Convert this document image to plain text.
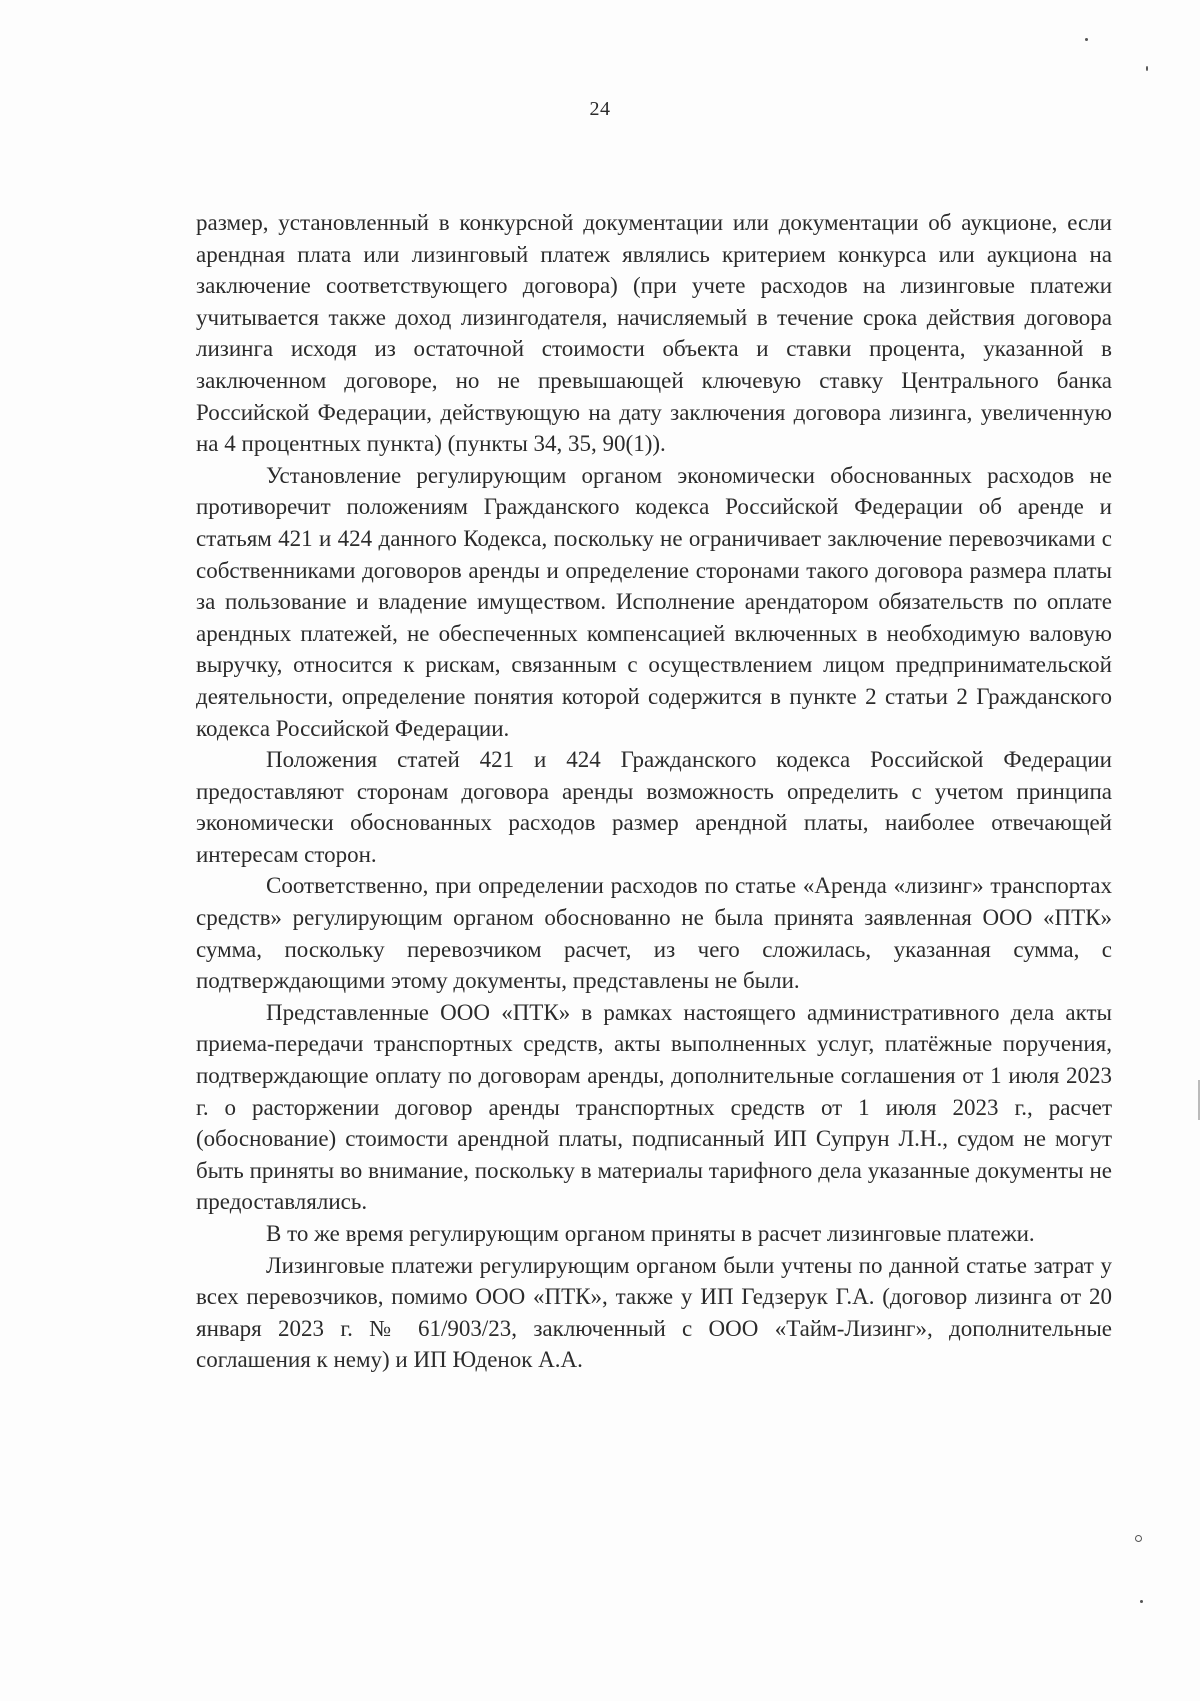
24

размер, установленный в конкурсной документации или документации об аукционе, если арендная плата или лизинговый платеж являлись критерием конкурса или аукциона на заключение соответствующего договора) (при учете расходов на лизинговые платежи учитывается также доход лизингодателя, начисляемый в течение срока действия договора лизинга исходя из остаточной стоимости объекта и ставки процента, указанной в заключенном договоре, но не превышающей ключевую ставку Центрального банка Российской Федерации, действующую на дату заключения договора лизинга, увеличенную на 4 процентных пункта) (пункты 34, 35, 90(1)).

Установление регулирующим органом экономически обоснованных расходов не противоречит положениям Гражданского кодекса Российской Федерации об аренде и статьям 421 и 424 данного Кодекса, поскольку не ограничивает заключение перевозчиками с собственниками договоров аренды и определение сторонами такого договора размера платы за пользование и владение имуществом. Исполнение арендатором обязательств по оплате арендных платежей, не обеспеченных компенсацией включенных в необходимую валовую выручку, относится к рискам, связанным с осуществлением лицом предпринимательской деятельности, определение понятия которой содержится в пункте 2 статьи 2 Гражданского кодекса Российской Федерации.

Положения статей 421 и 424 Гражданского кодекса Российской Федерации предоставляют сторонам договора аренды возможность определить с учетом принципа экономически обоснованных расходов размер арендной платы, наиболее отвечающей интересам сторон.

Соответственно, при определении расходов по статье «Аренда «лизинг» транспортах средств» регулирующим органом обоснованно не была принята заявленная ООО «ПТК» сумма, поскольку перевозчиком расчет, из чего сложилась, указанная сумма, с подтверждающими этому документы, представлены не были.

Представленные ООО «ПТК» в рамках настоящего административного дела акты приема-передачи транспортных средств, акты выполненных услуг, платёжные поручения, подтверждающие оплату по договорам аренды, дополнительные соглашения от 1 июля 2023 г. о расторжении договор аренды транспортных средств от 1 июля 2023 г., расчет (обоснование) стоимости арендной платы, подписанный ИП Супрун Л.Н., судом не могут быть приняты во внимание, поскольку в материалы тарифного дела указанные документы не предоставлялись.

В то же время регулирующим органом приняты в расчет лизинговые платежи.

Лизинговые платежи регулирующим органом были учтены по данной статье затрат у всех перевозчиков, помимо ООО «ПТК», также у ИП Гедзерук Г.А. (договор лизинга от 20 января 2023 г. № 61/903/23, заключенный с ООО «Тайм-Лизинг», дополнительные соглашения к нему) и ИП Юденок А.А.
